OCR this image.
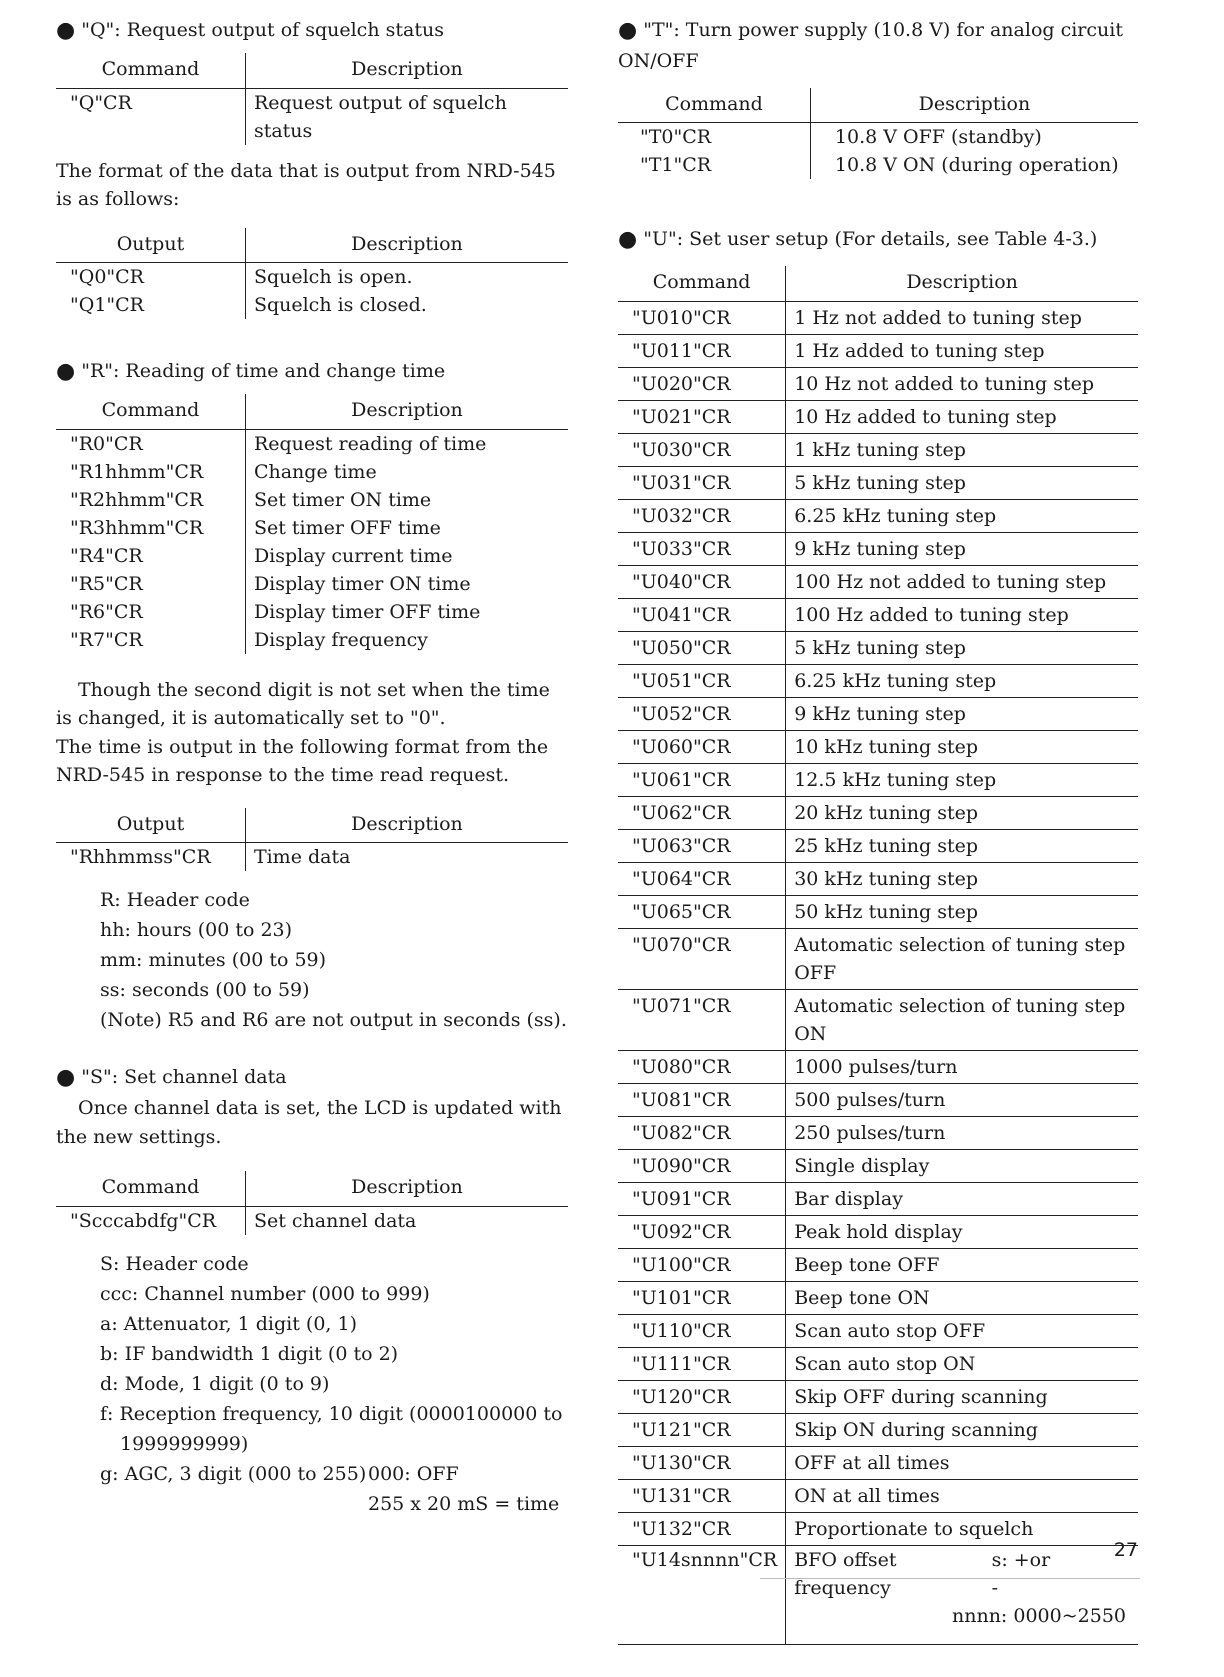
● "Q": Request output of squelch status
Command	Description
"Q"CR	Request output of squelch status

The format of the data that is output from NRD-545 is as follows:

Output	Description
"Q0"CR	Squelch is open.
"Q1"CR	Squelch is closed.
● "R": Reading of time and change time
Command	Description
"R0"CR	Request reading of time
"R1hhmm"CR	Change time
"R2hhmm"CR	Set timer ON time
"R3hhmm"CR	Set timer OFF time
"R4"CR	Display current time
"R5"CR	Display timer ON time
"R6"CR	Display timer OFF time
"R7"CR	Display frequency

Though the second digit is not set when the time is changed, it is automatically set to "0".

The time is output in the following format from the NRD-545 in response to the time read request.

Output	Description
"Rhhmmss"CR	Time data
R: Header code
hh: hours (00 to 23)
mm: minutes (00 to 59)
ss: seconds (00 to 59)
(Note) R5 and R6 are not output in seconds (ss).
● "S": Set channel data

Once channel data is set, the LCD is updated with the new settings.

Command	Description
"Scccabdfg"CR	Set channel data
S: Header code
ccc: Channel number (000 to 999)
a: Attenuator, 1 digit (0, 1)
b: IF bandwidth 1 digit (0 to 2)
d: Mode, 1 digit (0 to 9)
f: Reception frequency, 10 digit (0000100000 to 1999999999)
g: AGC, 3 digit (000 to 255) 000: OFF
255 x 20 mS = time
● "T": Turn power supply (10.8 V) for analog circuit ON/OFF
Command	Description
"T0"CR	10.8 V OFF (standby)
"T1"CR	10.8 V ON (during operation)
● "U": Set user setup (For details, see Table 4-3.)
Command	Description
"U010"CR	1 Hz not added to tuning step
"U011"CR	1 Hz added to tuning step
"U020"CR	10 Hz not added to tuning step
"U021"CR	10 Hz added to tuning step
"U030"CR	1 kHz tuning step
"U031"CR	5 kHz tuning step
"U032"CR	6.25 kHz tuning step
"U033"CR	9 kHz tuning step
"U040"CR	100 Hz not added to tuning step
"U041"CR	100 Hz added to tuning step
"U050"CR	5 kHz tuning step
"U051"CR	6.25 kHz tuning step
"U052"CR	9 kHz tuning step
"U060"CR	10 kHz tuning step
"U061"CR	12.5 kHz tuning step
"U062"CR	20 kHz tuning step
"U063"CR	25 kHz tuning step
"U064"CR	30 kHz tuning step
"U065"CR	50 kHz tuning step
"U070"CR	Automatic selection of tuning step OFF
"U071"CR	Automatic selection of tuning step ON
"U080"CR	1000 pulses/turn
"U081"CR	500 pulses/turn
"U082"CR	250 pulses/turn
"U090"CR	Single display
"U091"CR	Bar display
"U092"CR	Peak hold display
"U100"CR	Beep tone OFF
"U101"CR	Beep tone ON
"U110"CR	Scan auto stop OFF
"U111"CR	Scan auto stop ON
"U120"CR	Skip OFF during scanning
"U121"CR	Skip ON during scanning
"U130"CR	OFF at all times
"U131"CR	ON at all times
"U132"CR	Proportionate to squelch
"U14snnnn"CR	BFO offset frequency
s: +or -
nnnn: 0000~2550
27
